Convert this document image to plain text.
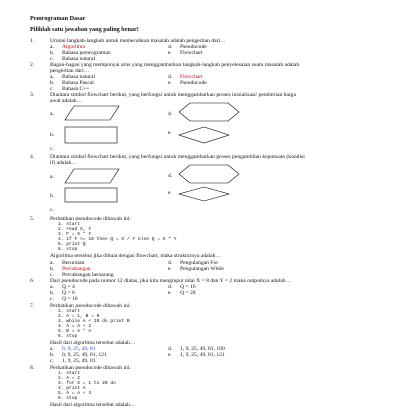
Pemrograman Dasar
Pilihlah satu jawaban yang paling benar!
1.	Urutan langkah-langkah untuk memecahkan masalah adalah pengertian dari…
a. Algoritma
b. Bahasa pemrograman
c. Bahasa natural
d. Pseudocode
e. Flowchart
2.	Bagan-bagan yang mempunyai arus yang menggambarkan langkah-langkah penyelesaian suatu masalah adalah
pengertian dari…
a. Bahasa natural
b. Bahasa Pascal
c. Bahasa C++
d. Flowchart
e. Pseudocode
3.	Diantara simbol flowchart berikut, yang berfungsi untuk menggambarkan proses inisialisasi/ pemberian harga
awal adalah…
a.
b.
c.
d.
e.
4.	Diantara simbol flowchart berikut, yang berfungsi untuk menggambarkan proses pengambilan keputusan (kondisi
if) adalah…
a.
b.
c.
d.
e.
5.	Perhatikan pseudocode dibawah ini:
1. start
2. read X, Y
3. F = X * Y
4. if F >= 10 then Q = X / Y else Q = X * Y
5. print Q
6. stop
Algoritma tersebut jika dibuat dengan flowchart, maka strukturnya adalah…
a. Berurutan
b. Percabangan
c. Percabangan bersarang
d. Pengulangan For
e. Pengulangan While
6.	Dari pseudocode pada nomor 12 diatas, jika kita menginput nilai X = 8 dan Y = 2 maka outputnya adalah…
a. Q = 4
b. Q = 6
c. Q = 10
d. Q = 16
e. Q = 20
7.	Perhatikan pseudocode dibawah ini:
1. start
2. A = 1, B = 0
3. while A < 10 do print B
4. A = A + 2
5. B = A * A
6. stop
Hasil dari algoritma tersebut adalah…
a. 0, 9, 25, 49, 81
b. 0, 9, 25, 49, 81, 121
c. 1, 9, 25, 49, 81
d. 1, 9, 25, 49, 81, 100
e. 1, 9, 25, 49, 81, 121
8.	Perhatikan pseudocode dibawah ini:
1. start
2. A = 2
3. for X = 1 to 20 do
4. print A
5. A = A + 3
6. stop
Hasil dari algoritma tersebut adalah…
